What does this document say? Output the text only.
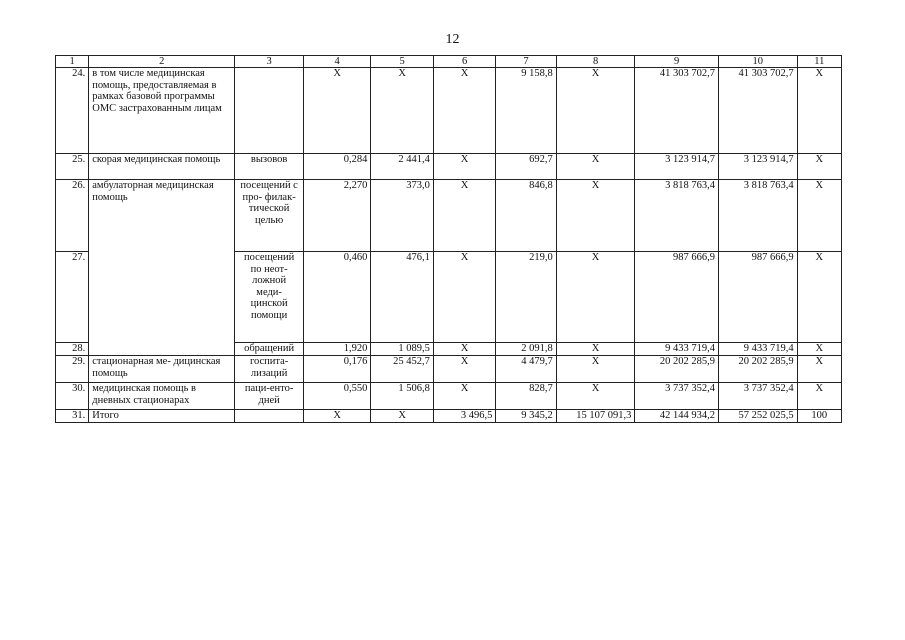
12
1	2	3	4	5	6	7	8	9	10	11
24.	в том числе медицинская помощь, предоставляемая в рамках базовой программы ОМС застрахованным лицам		Х	Х	Х	9 158,8	Х	41 303 702,7	41 303 702,7	Х
25.	скорая медицинская помощь	вызовов	0,284	2 441,4	Х	692,7	Х	3 123 914,7	3 123 914,7	Х
26.	амбулаторная медицинская помощь	посещений с про- филак- тической целью	2,270	373,0	Х	846,8	Х	3 818 763,4	3 818 763,4	Х
27.		посещений по неот- ложной меди- цинской помощи	0,460	476,1	Х	219,0	Х	987 666,9	987 666,9	Х
28.		обращений	1,920	1 089,5	Х	2 091,8	Х	9 433 719,4	9 433 719,4	Х
29.	стационарная ме- дицинская помощь	госпита- лизаций	0,176	25 452,7	Х	4 479,7	Х	20 202 285,9	20 202 285,9	Х
30.	медицинская помощь в дневных стационарах	паци-енто- дней	0,550	1 506,8	Х	828,7	Х	3 737 352,4	3 737 352,4	Х
31.	Итого		Х	Х	3 496,5	9 345,2	15 107 091,3	42 144 934,2	57 252 025,5	100
